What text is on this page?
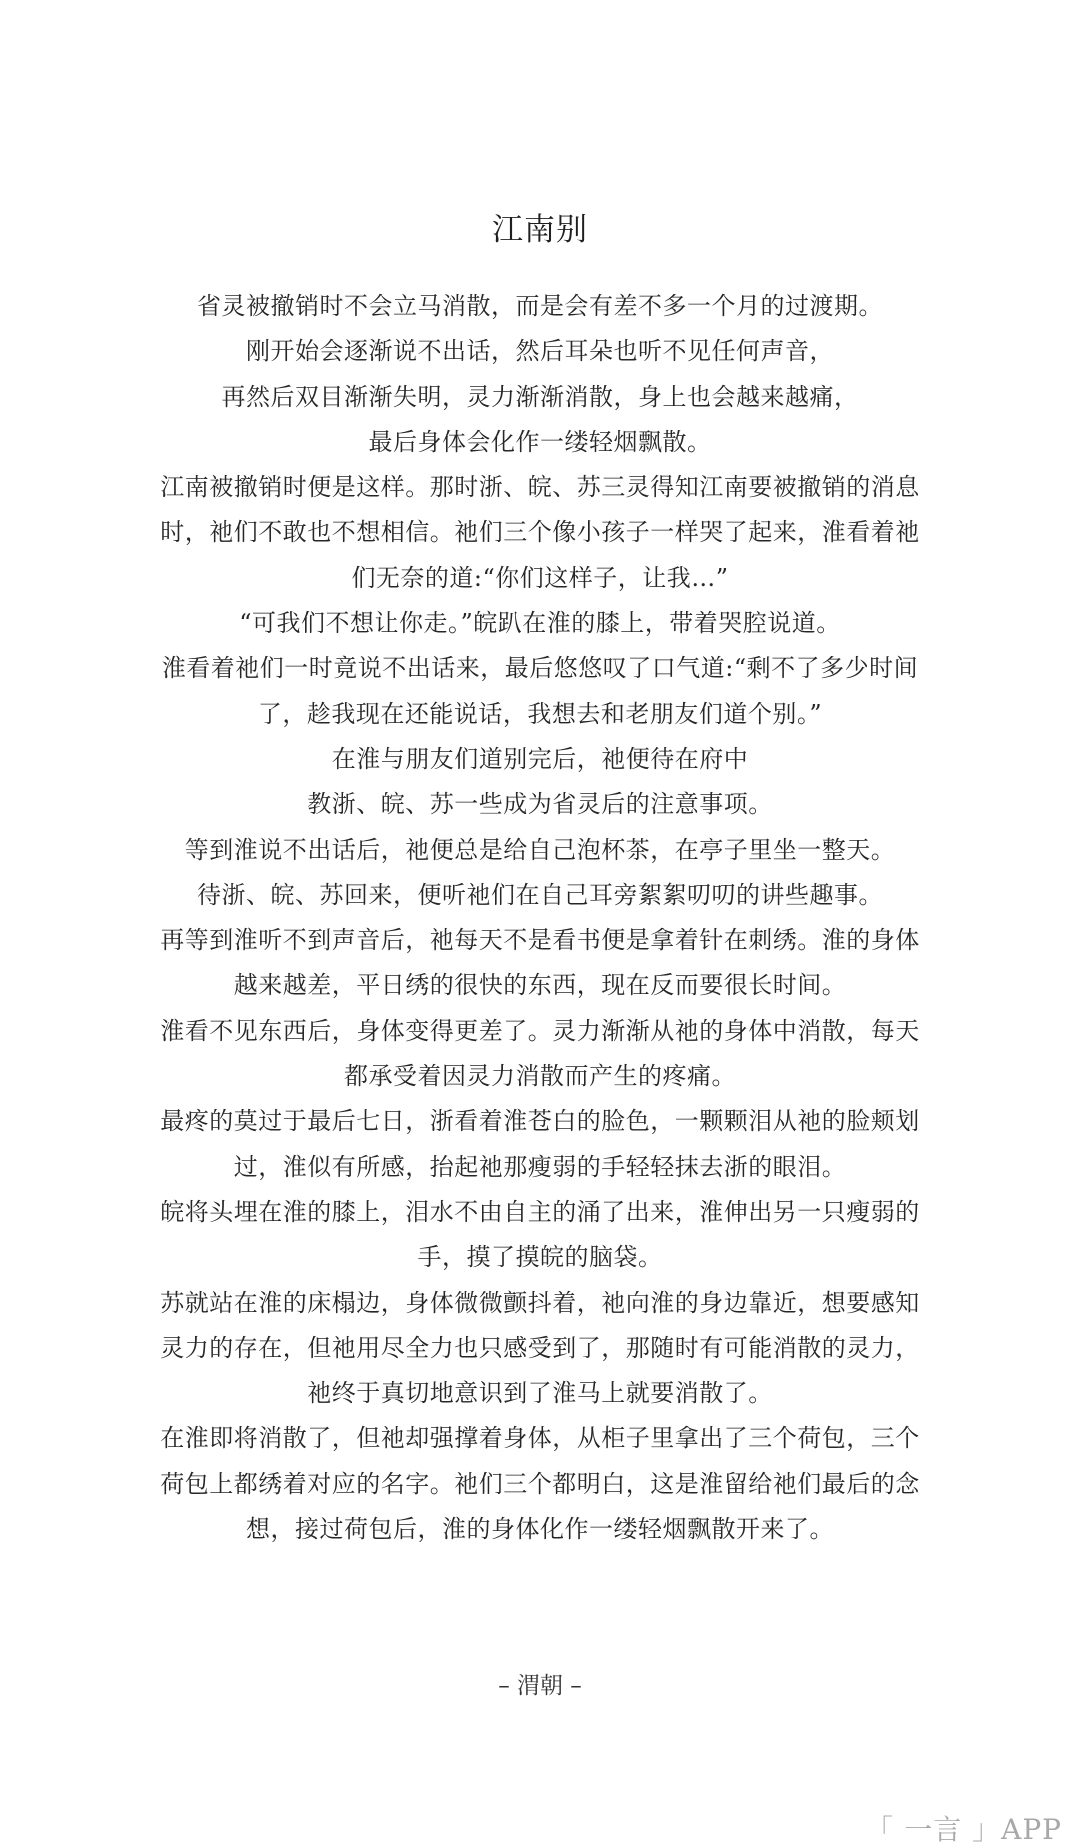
江南别

省灵被撤销时不会立马消散，而是会有差不多一个月的过渡期。

刚开始会逐渐说不出话，然后耳朵也听不见任何声音，

再然后双目渐渐失明，灵力渐渐消散，身上也会越来越痛，

最后身体会化作一缕轻烟飘散。

江南被撤销时便是这样。那时浙、皖、苏三灵得知江南要被撤销的消息时，祂们不敢也不想相信。祂们三个像小孩子一样哭了起来，淮看着祂们无奈的道:“你们这样子，让我…”

“可我们不想让你走。”皖趴在淮的膝上，带着哭腔说道。

淮看着祂们一时竟说不出话来，最后悠悠叹了口气道:“剩不了多少时间了，趁我现在还能说话，我想去和老朋友们道个别。”

在淮与朋友们道别完后，祂便待在府中

教浙、皖、苏一些成为省灵后的注意事项。

等到淮说不出话后，祂便总是给自己泡杯茶，在亭子里坐一整天。

待浙、皖、苏回来，便听祂们在自己耳旁絮絮叨叨的讲些趣事。

再等到淮听不到声音后，祂每天不是看书便是拿着针在刺绣。淮的身体越来越差，平日绣的很快的东西，现在反而要很长时间。

淮看不见东西后，身体变得更差了。灵力渐渐从祂的身体中消散，每天都承受着因灵力消散而产生的疼痛。

最疼的莫过于最后七日，浙看着淮苍白的脸色，一颗颗泪从祂的脸颊划过，淮似有所感，抬起祂那瘦弱的手轻轻抹去浙的眼泪。

皖将头埋在淮的膝上，泪水不由自主的涌了出来，淮伸出另一只瘦弱的手，摸了摸皖的脑袋。

苏就站在淮的床榻边，身体微微颤抖着，祂向淮的身边靠近，想要感知灵力的存在，但祂用尽全力也只感受到了，那随时有可能消散的灵力，祂终于真切地意识到了淮马上就要消散了。

在淮即将消散了，但祂却强撑着身体，从柜子里拿出了三个荷包，三个荷包上都绣着对应的名字。祂们三个都明白，这是淮留给祂们最后的念想，接过荷包后，淮的身体化作一缕轻烟飘散开来了。

– 渭朝 –
「 一言 」APP
